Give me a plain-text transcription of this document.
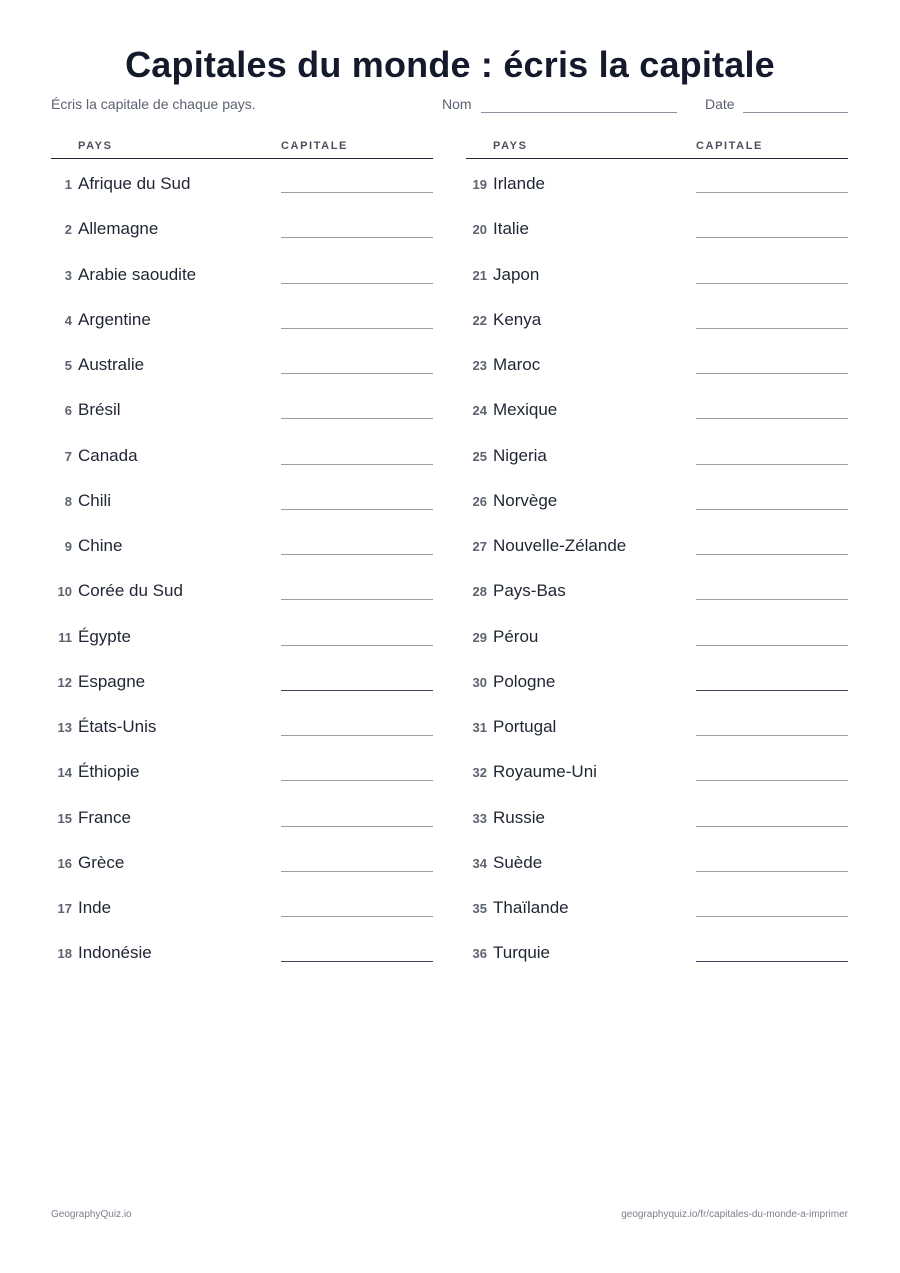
Capitales du monde : écris la capitale
Écris la capitale de chaque pays.	Nom	Date
PAYS	CAPITALE
1 Afrique du Sud
2 Allemagne
3 Arabie saoudite
4 Argentine
5 Australie
6 Brésil
7 Canada
8 Chili
9 Chine
10 Corée du Sud
11 Égypte
12 Espagne
13 États-Unis
14 Éthiopie
15 France
16 Grèce
17 Inde
18 Indonésie
PAYS	CAPITALE
19 Irlande
20 Italie
21 Japon
22 Kenya
23 Maroc
24 Mexique
25 Nigeria
26 Norvège
27 Nouvelle-Zélande
28 Pays-Bas
29 Pérou
30 Pologne
31 Portugal
32 Royaume-Uni
33 Russie
34 Suède
35 Thaïlande
36 Turquie
GeographyQuiz.io	geographyquiz.io/fr/capitales-du-monde-a-imprimer
